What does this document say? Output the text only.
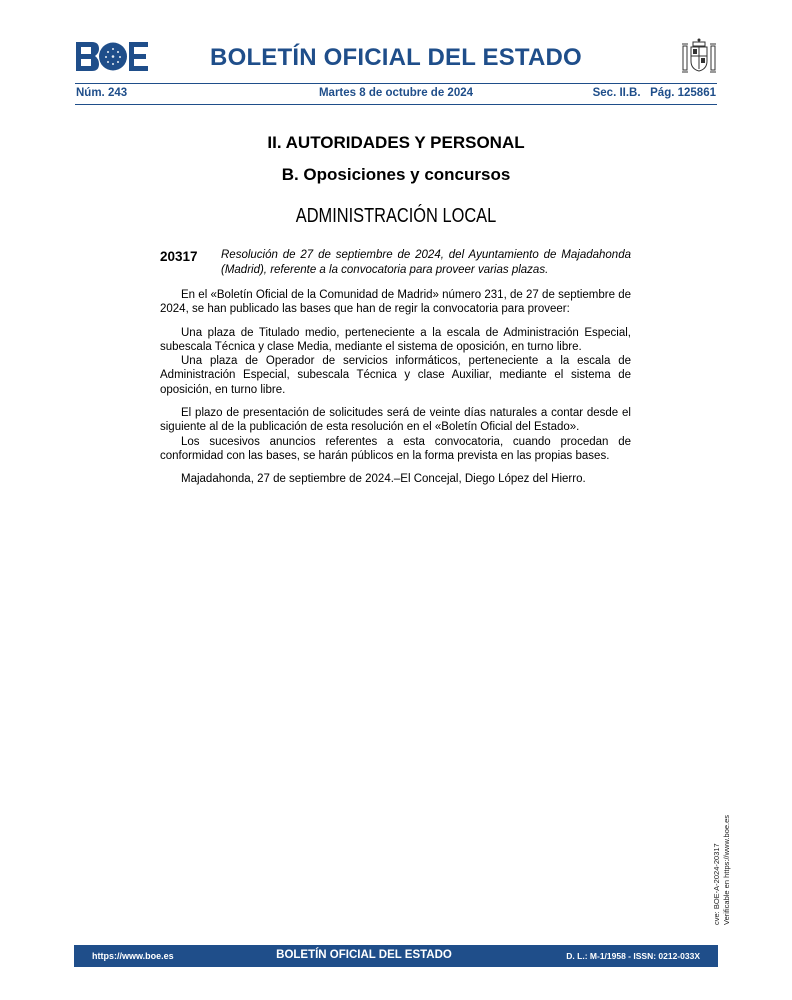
BOLETÍN OFICIAL DEL ESTADO
Núm. 243	Martes 8 de octubre de 2024	Sec. II.B.   Pág. 125861
II. AUTORIDADES Y PERSONAL
B. Oposiciones y concursos
ADMINISTRACIÓN LOCAL
20317 Resolución de 27 de septiembre de 2024, del Ayuntamiento de Majadahonda (Madrid), referente a la convocatoria para proveer varias plazas.

En el «Boletín Oficial de la Comunidad de Madrid» número 231, de 27 de septiembre de 2024, se han publicado las bases que han de regir la convocatoria para proveer:

Una plaza de Titulado medio, perteneciente a la escala de Administración Especial, subescala Técnica y clase Media, mediante el sistema de oposición, en turno libre.

Una plaza de Operador de servicios informáticos, perteneciente a la escala de Administración Especial, subescala Técnica y clase Auxiliar, mediante el sistema de oposición, en turno libre.

El plazo de presentación de solicitudes será de veinte días naturales a contar desde el siguiente al de la publicación de esta resolución en el «Boletín Oficial del Estado».

Los sucesivos anuncios referentes a esta convocatoria, cuando procedan de conformidad con las bases, se harán públicos en la forma prevista en las propias bases.

Majadahonda, 27 de septiembre de 2024.–El Concejal, Diego López del Hierro.

cve: BOE-A-2024-20317 Verificable en https://www.boe.es
https://www.boe.es	BOLETÍN OFICIAL DEL ESTADO	D. L.: M-1/1958 - ISSN: 0212-033X
